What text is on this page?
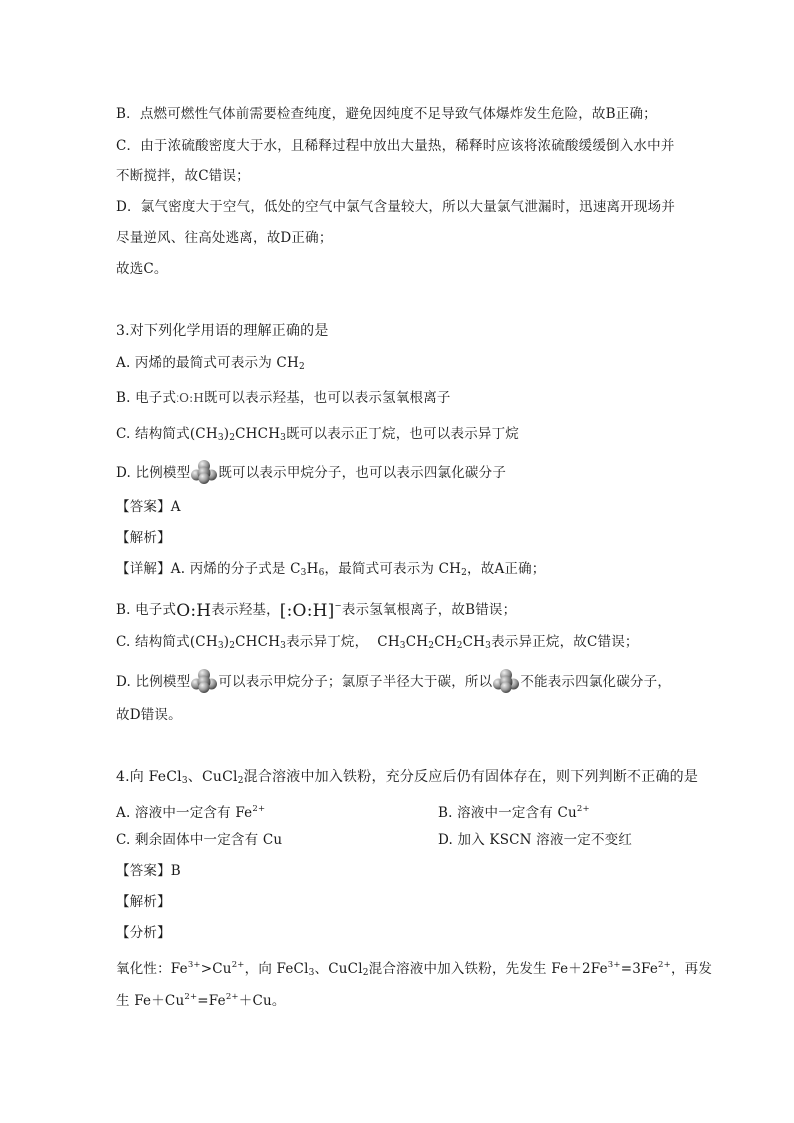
B．点燃可燃性气体前需要检查纯度，避免因纯度不足导致气体爆炸发生危险，故B正确；
C．由于浓硫酸密度大于水，且稀释过程中放出大量热，稀释时应该将浓硫酸缓缓倒入水中并
不断搅拌，故C错误；
D．氯气密度大于空气，低处的空气中氯气含量较大，所以大量氯气泄漏时，迅速离开现场并
尽量逆风、往高处逃离，故D正确；
故选C。
3.对下列化学用语的理解正确的是
A. 丙烯的最简式可表示为 $CH_2$
B. 电子式⁚O:H既可以表示羟基，也可以表示氢氧根离子
C. 结构简式$(CH_3)_2CHCH_3$既可以表示正丁烷，也可以表示异丁烷
D. 比例模型 既可以表示甲烷分子，也可以表示四氯化碳分子
【答案】A
【解析】
【详解】A. 丙烯的分子式是 $C_3H_6$，最简式可表示为 $CH_2$，故A正确；
B. 电子式O:H表示羟基，[:O:H]−表示氢氧根离子，故B错误；
C. 结构简式$(CH_3)_2CHCH_3$表示异丁烷，  $CH_3CH_2CH_2CH_3$表示异正烷，故C错误；
D. 比例模型 可以表示甲烷分子；氯原子半径大于碳，所以 不能表示四氯化碳分子，
故D错误。
4.向 FeCl$_3$、CuCl$_2$混合溶液中加入铁粉，充分反应后仍有固体存在，则下列判断不正确的是
A. 溶液中一定含有 $Fe^{2+}$	B. 溶液中一定含有 $Cu^{2+}$
C. 剩余固体中一定含有 Cu	D. 加入 KSCN 溶液一定不变红
【答案】B
【解析】
【分析】
氧化性：$Fe^{3+}>Cu^{2+}$，向 FeCl$_3$、CuCl$_2$混合溶液中加入铁粉，先发生 $Fe+2Fe^{3+}=3Fe^{2+}$，再发
生 $Fe+Cu^{2+}=Fe^{2+}+Cu$。
